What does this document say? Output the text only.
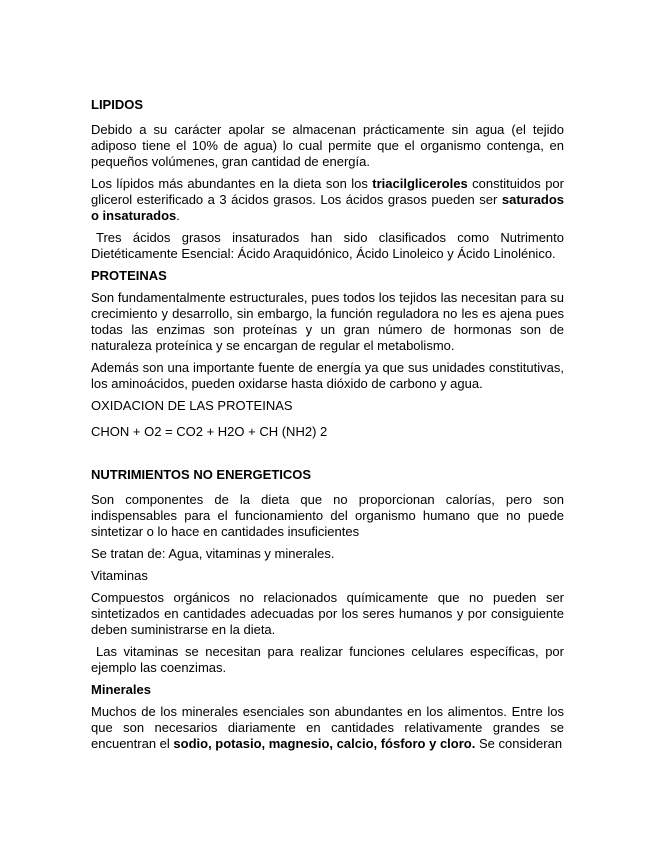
LIPIDOS

Debido a su carácter apolar se almacenan prácticamente sin agua (el tejido adiposo tiene el 10% de agua) lo cual permite que el organismo contenga, en pequeños volúmenes, gran cantidad de energía.

Los lípidos más abundantes en la dieta son los triacilgliceroles constituidos por glicerol esterificado a 3 ácidos grasos. Los ácidos grasos pueden ser saturados o insaturados.

Tres ácidos grasos insaturados han sido clasificados como Nutrimento Dietéticamente Esencial: Ácido Araquidónico, Ácido Linoleico y Ácido Linolénico.

PROTEINAS

Son fundamentalmente estructurales, pues todos los tejidos las necesitan para su crecimiento y desarrollo, sin embargo, la función reguladora no les es ajena pues todas las enzimas son proteínas y un gran número de hormonas son de naturaleza proteínica y se encargan de regular el metabolismo.

Además son una importante fuente de energía ya que sus unidades constitutivas, los aminoácidos, pueden oxidarse hasta dióxido de carbono y agua.

OXIDACION DE LAS PROTEINAS

CHON + O2 = CO2 + H2O + CH (NH2) 2

NUTRIMIENTOS NO ENERGETICOS

Son componentes de la dieta que no proporcionan calorías, pero son indispensables para el funcionamiento del organismo humano que no puede sintetizar o lo hace en cantidades insuficientes

Se tratan de: Agua, vitaminas y minerales.

Vitaminas

Compuestos orgánicos no relacionados químicamente que no pueden ser sintetizados en cantidades adecuadas por los seres humanos y por consiguiente deben suministrarse en la dieta.

Las vitaminas se necesitan para realizar funciones celulares específicas, por ejemplo las coenzimas.

Minerales

Muchos de los minerales esenciales son abundantes en los alimentos. Entre los que son necesarios diariamente en cantidades relativamente grandes se encuentran el sodio, potasio, magnesio, calcio, fósforo y cloro. Se consideran
